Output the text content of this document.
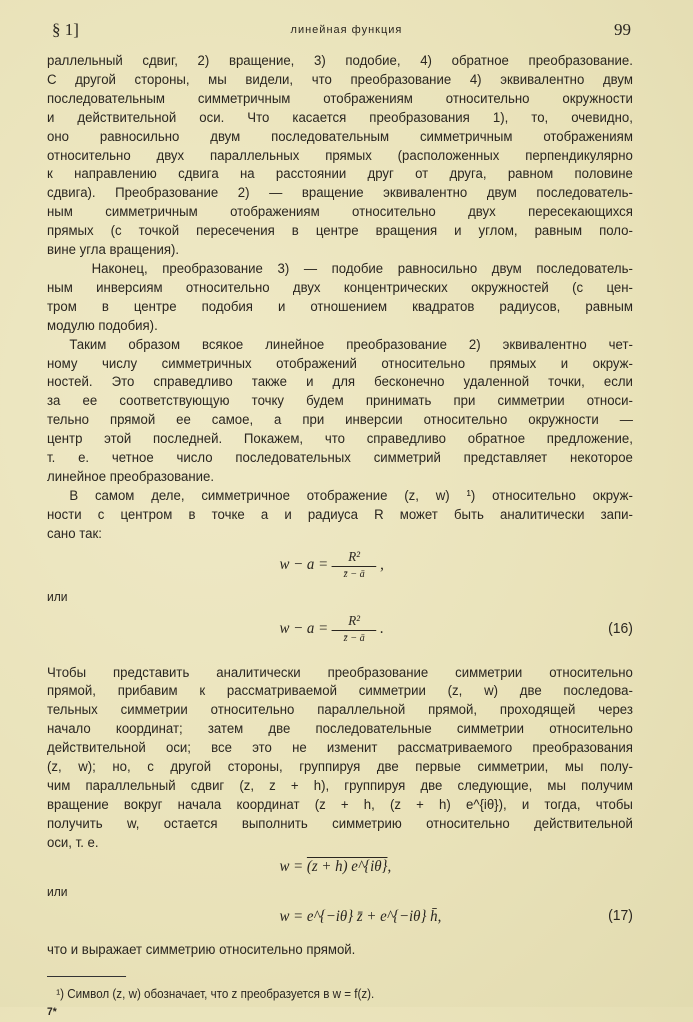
§ 1]	линейная функция	99

раллельный сдвиг, 2) вращение, 3) подобие, 4) обратное преобразование.
С другой стороны, мы видели, что преобразование 4) эквивалентно двум
последовательным симметричным отображениям относительно окружности
и действительной оси. Что касается преобразования 1), то, очевидно,
оно равносильно двум последовательным симметричным отображениям
относительно двух параллельных прямых (расположенных перпендикулярно
к направлению сдвига на расстоянии друг от друга, равном половине
сдвига). Преобразование 2) — вращение эквивалентно двум последователь-
ным симметричным отображениям относительно двух пересекающихся
прямых (с точкой пересечения в центре вращения и углом, равным поло-
вине угла вращения).

Наконец, преобразование 3) — подобие равносильно двум последователь-
ным инверсиям относительно двух концентрических окружностей (с цен-
тром в центре подобия и отношением квадратов радиусов, равным
модулю подобия).

Таким образом всякое линейное преобразование 2) эквивалентно чет-
ному числу симметричных отображений относительно прямых и окруж-
ностей. Это справедливо также и для бесконечно удаленной точки, если
за ее соответствующую точку будем принимать при симметрии относи-
тельно прямой ее самое, а при инверсии относительно окружности —
центр этой последней. Покажем, что справедливо обратное предложение,
т. е. четное число последовательных симметрий представляет некоторое
линейное преобразование.

В самом деле, симметричное отображение (z, w) ¹) относительно окруж-
ности с центром в точке a и радиуса R может быть аналитически запи-
сано так:

$w - a = \frac{\text{R²}}{z̄ - ā}$ ,
или
$w - a = \frac{\text{R²}}{z̄ - ā}$ .	(16)

Чтобы представить аналитически преобразование симметрии относительно
прямой, прибавим к рассматриваемой симметрии (z, w) две последова-
тельных симметрии относительно параллельной прямой, проходящей через
начало координат; затем две последовательные симметрии относительно
действительной оси; все это не изменит рассматриваемого преобразования
(z, w); но, с другой стороны, группируя две первые симметрии, мы полу-
чим параллельный сдвиг (z, z + h), группируя две следующие, мы получим
вращение вокруг начала координат (z + h, (z + h) e^{iθ}), и тогда, чтобы
получить w, остается выполнить симметрию относительно действительной
оси, т. е.

w =
(z + h) e^{iθ} ,
или
w = e^{−iθ} z̄ + e^{−iθ} h̄,	(17)

что и выражает симметрию относительно прямой.

¹) Символ (z, w) обозначает, что z преобразуется в w = f(z).

7*
